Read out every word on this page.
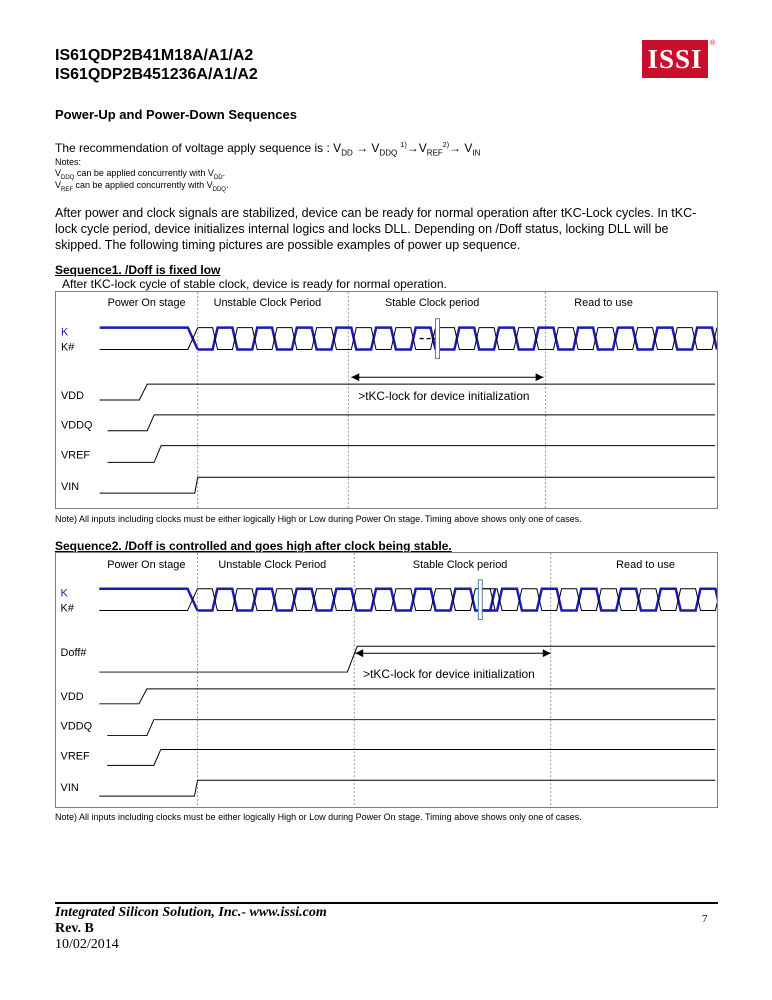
IS61QDP2B41M18A/A1/A2
IS61QDP2B451236A/A1/A2
ISSI	®
Power-Up and Power-Down Sequences
The recommendation of voltage apply sequence is : $V_{DD} \to V_{DDQ}$ $^{1)}\to V_{REF}^{2)}\to V_{IN}$
Notes:
$V_{DDQ}$ can be applied concurrently with $V_{DD}$.
$V_{REF}$ can be applied concurrently with $V_{DDQ}$.
After power and clock signals are stabilized, device can be ready for normal operation after tKC-Lock cycles. In tKC-lock cycle period, device initializes internal logics and locks DLL. Depending on /Doff status, locking DLL will be skipped. The following timing pictures are possible examples of power up sequence.
Sequence1. /Doff is fixed low
After tKC-lock cycle of stable clock, device is ready for normal operation.
Power On stage	Unstable Clock Period	Stable Clock period	Read to use
K
K#
VDD
VDDQ
VREF
VIN
>tKC-lock for device initialization
Note) All inputs including clocks must be either logically High or Low during Power On stage. Timing above shows only one of cases.
Sequence2. /Doff is controlled and goes high after clock being stable.
Power On stage	Unstable Clock Period	Stable Clock period	Read to use
K
K#
Doff#
VDD
VDDQ
VREF
VIN
>tKC-lock for device initialization
Note) All inputs including clocks must be either logically High or Low during Power On stage. Timing above shows only one of cases.
Integrated Silicon Solution, Inc.- www.issi.com
Rev. B
10/02/2014
7
